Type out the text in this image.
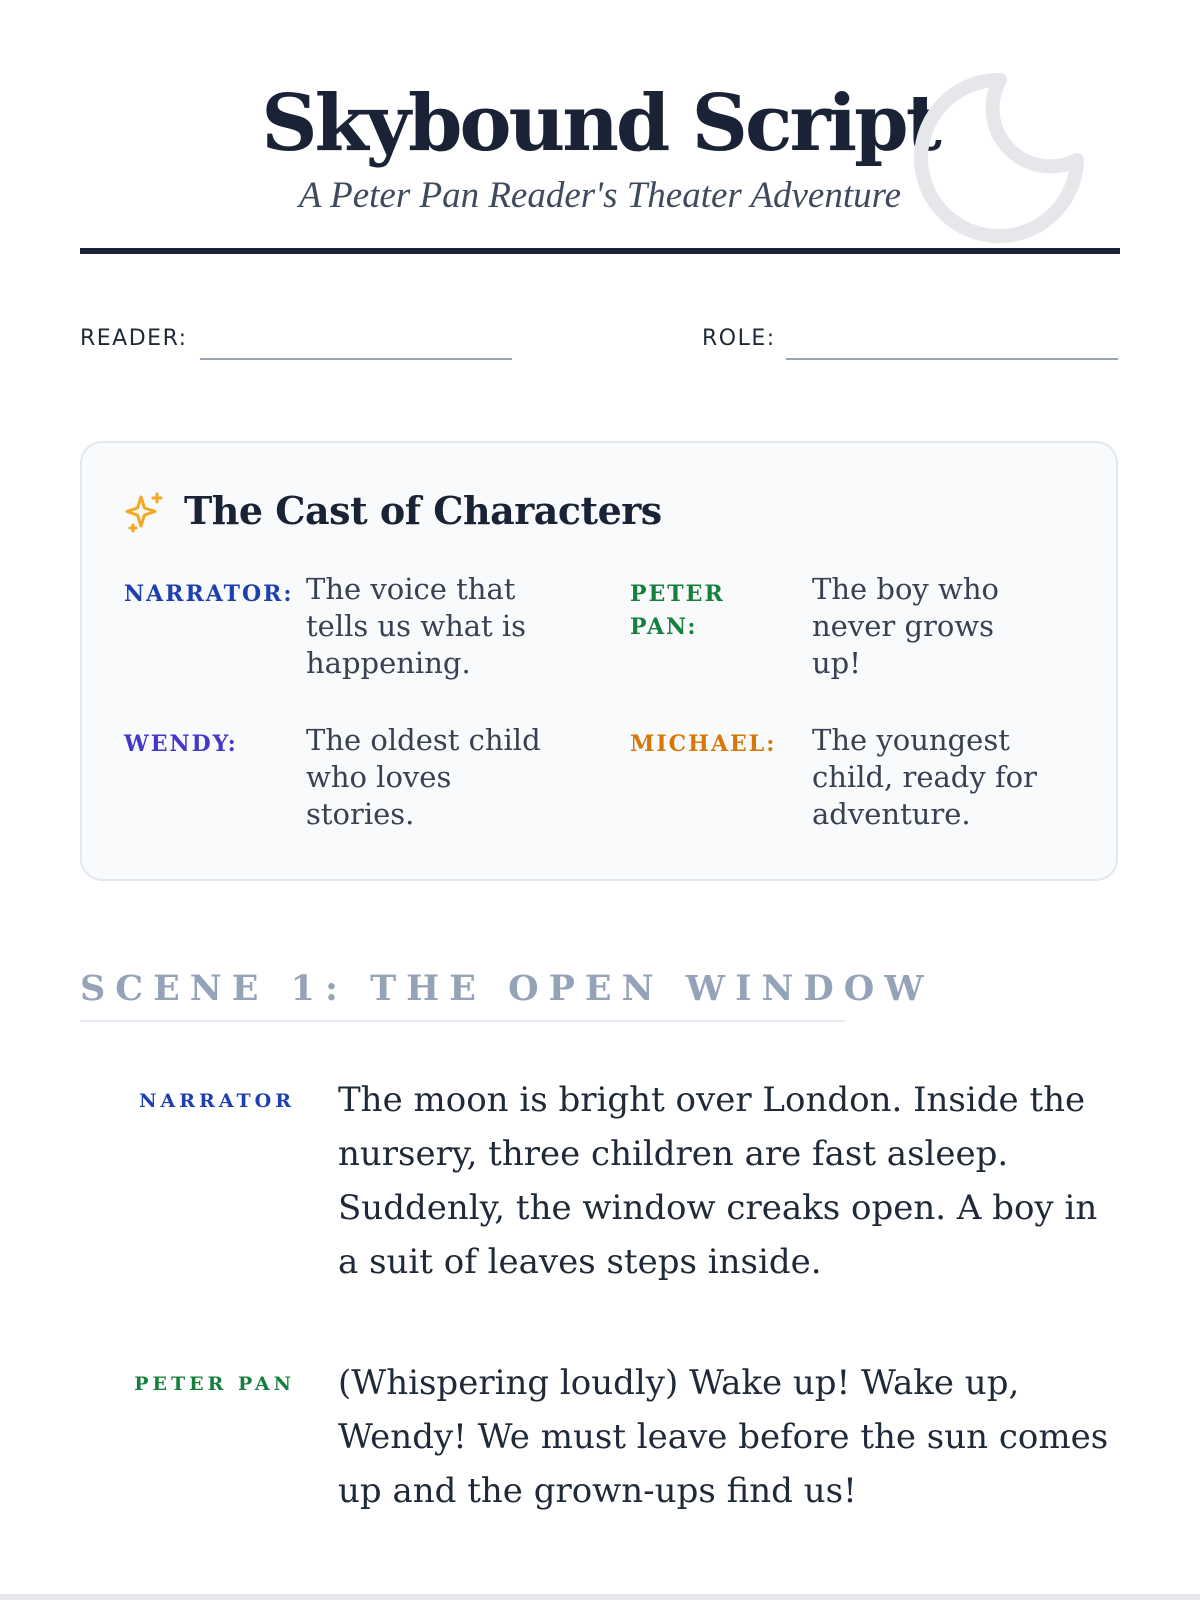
Skybound Script
A Peter Pan Reader's Theater Adventure
READER:	ROLE:
The Cast of Characters
NARRATOR: The voice that tells us what is happening.
PETER PAN:
The boy who never grows up!
WENDY:	The oldest child who loves stories.
MICHAEL:	The youngest child, ready for adventure.
SCENE 1: THE OPEN WINDOW
NARRATOR The moon is bright over London. Inside the nursery, three children are fast asleep. Suddenly, the window creaks open. A boy in a suit of leaves steps inside.
PETER PAN (Whispering loudly) Wake up! Wake up, Wendy! We must leave before the sun comes up and the grown-ups find us!
